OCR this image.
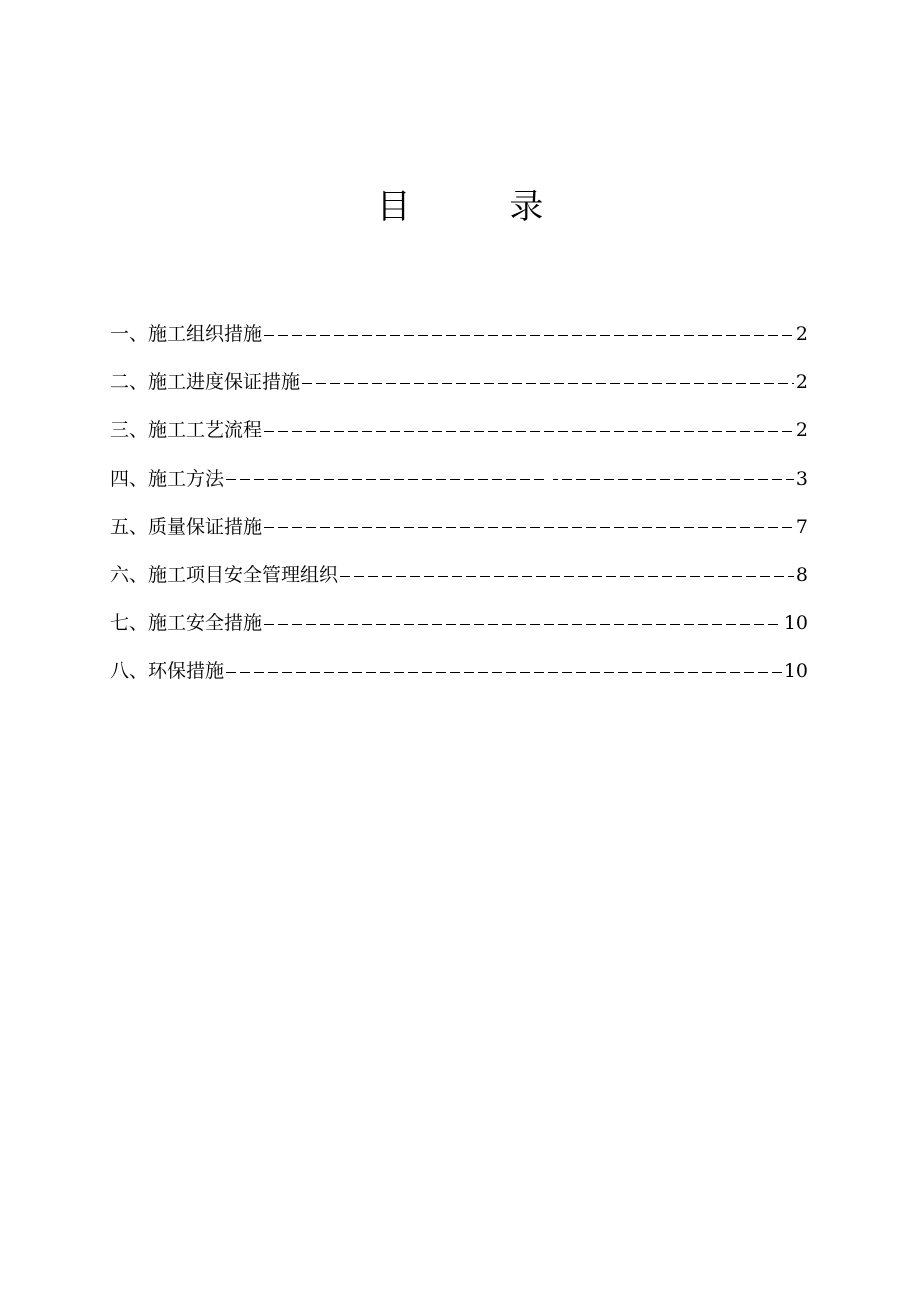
目 录
一、施工组织措施	2
二、施工进度保证措施	2
三、施工工艺流程	2
四、施工方法	3
五、质量保证措施	7
六、施工项目安全管理组织	8
七、施工安全措施	10
八、环保措施	10
